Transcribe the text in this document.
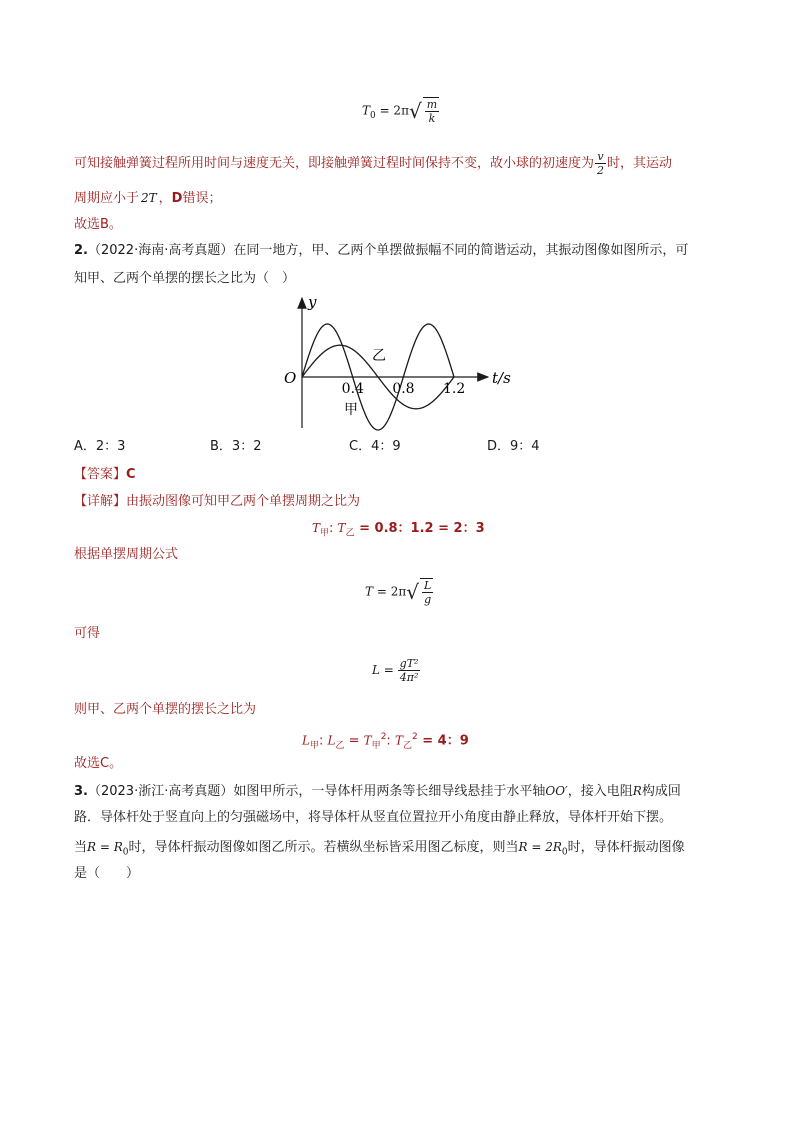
$T_0 = 2\pi√ \frac{m}{k}$
可知接触弹簧过程所用时间与速度无关，即接触弹簧过程时间保持不变，故小球的初速度为 $\frac{v}{2}$ 时，其运动
周期应小于 2T ，D错误；
故选B。
2.（2022·海南·高考真题）在同一地方，甲、乙两个单摆做振幅不同的简谐运动，其振动图像如图所示，可
知甲、乙两个单摆的摆长之比为（　）
y
t/s
O
0.4 0.8 1.2
乙
甲
A．2：3	B．3：2	C．4：9	D．9：4
【答案】C
【详解】由振动图像可知甲乙两个单摆周期之比为
$T_甲$: $T_乙 = 0.8$：1.2 = 2：3
根据单摆周期公式
$T = 2\pi√ \frac{L}{g}$
可得
$L = \frac{\text{gT²}}{\text{4π²}}$
则甲、乙两个单摆的摆长之比为
$L_甲$: $L_乙 = T_甲^2$: $T_乙^2 = 4$：9
故选C。
3.（2023·浙江·高考真题）如图甲所示，一导体杆用两条等长细导线悬挂于水平轴OO′，接入电阻R构成回
路．导体杆处于竖直向上的匀强磁场中，将导体杆从竖直位置拉开小角度由静止释放，导体杆开始下摆。
当$R = R_0$时，导体杆振动图像如图乙所示。若横纵坐标皆采用图乙标度，则当$R = 2R_0$时，导体杆振动图像
是（　　）
